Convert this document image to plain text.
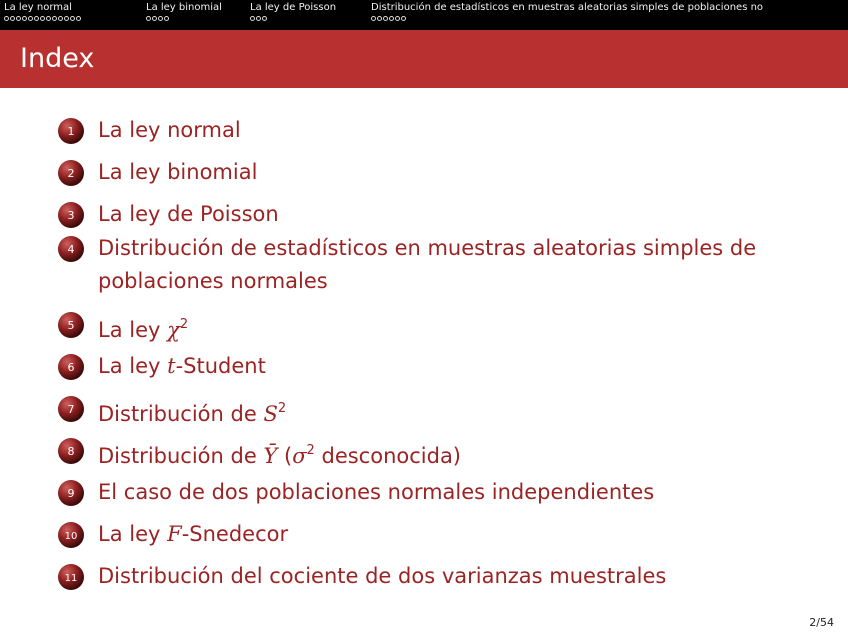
La ley normal	La ley binomial	La ley de Poisson	Distribución de estadísticos en muestras aleatorias simples de poblaciones no
Index
1 La ley normal
2 La ley binomial
3 La ley de Poisson
4 Distribución de estadísticos en muestras aleatorias simples de poblaciones normales
5 La ley $\chi^2$
6 La ley t-Student
7 Distribución de $S^2$
8 Distribución de Ȳ ($\sigma^2$ desconocida)
9 El caso de dos poblaciones normales independientes
10 La ley F-Snedecor
11 Distribución del cociente de dos varianzas muestrales
2/54
